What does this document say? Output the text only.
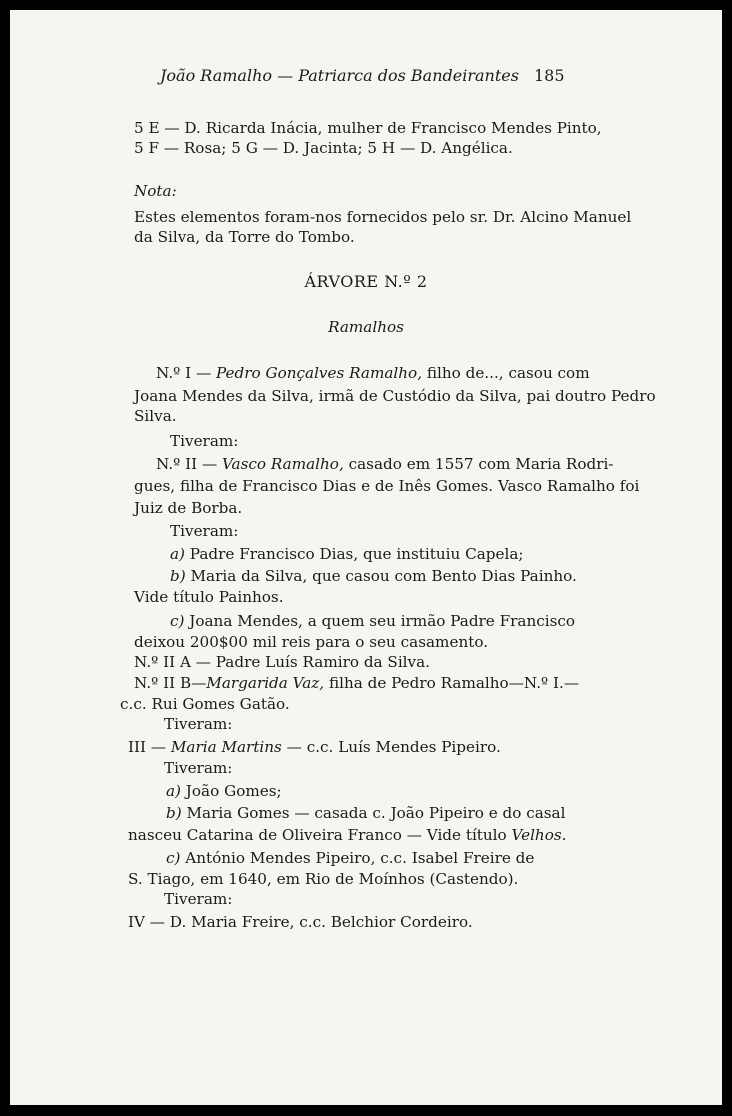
João Ramalho — Patriarca dos Bandeirantes 185
5 E — D. Ricarda Inácia, mulher de Francisco Mendes Pinto,
5 F — Rosa; 5 G — D. Jacinta; 5 H — D. Angélica.
Nota:
Estes elementos foram-nos fornecidos pelo sr. Dr. Alcino Manuel
da Silva, da Torre do Tombo.
ÁRVORE N.º 2
Ramalhos
N.º I — Pedro Gonçalves Ramalho, filho de..., casou com
Joana Mendes da Silva, irmã de Custódio da Silva, pai doutro Pedro
Silva.
Tiveram:
N.º II — Vasco Ramalho, casado em 1557 com Maria Rodri-
gues, filha de Francisco Dias e de Inês Gomes. Vasco Ramalho foi
Juiz de Borba.
Tiveram:
a) Padre Francisco Dias, que instituiu Capela;
b) Maria da Silva, que casou com Bento Dias Painho.
Vide título Painhos.
c) Joana Mendes, a quem seu irmão Padre Francisco
deixou 200$00 mil reis para o seu casamento.
N.º II A — Padre Luís Ramiro da Silva.
N.º II B—Margarida Vaz, filha de Pedro Ramalho—N.º I.—
c.c. Rui Gomes Gatão.
Tiveram:
III — Maria Martins — c.c. Luís Mendes Pipeiro.
Tiveram:
a) João Gomes;
b) Maria Gomes — casada c. João Pipeiro e do casal
nasceu Catarina de Oliveira Franco — Vide título Velhos.
c) António Mendes Pipeiro, c.c. Isabel Freire de
S. Tiago, em 1640, em Rio de Moínhos (Castendo).
Tiveram:
IV — D. Maria Freire, c.c. Belchior Cordeiro.
